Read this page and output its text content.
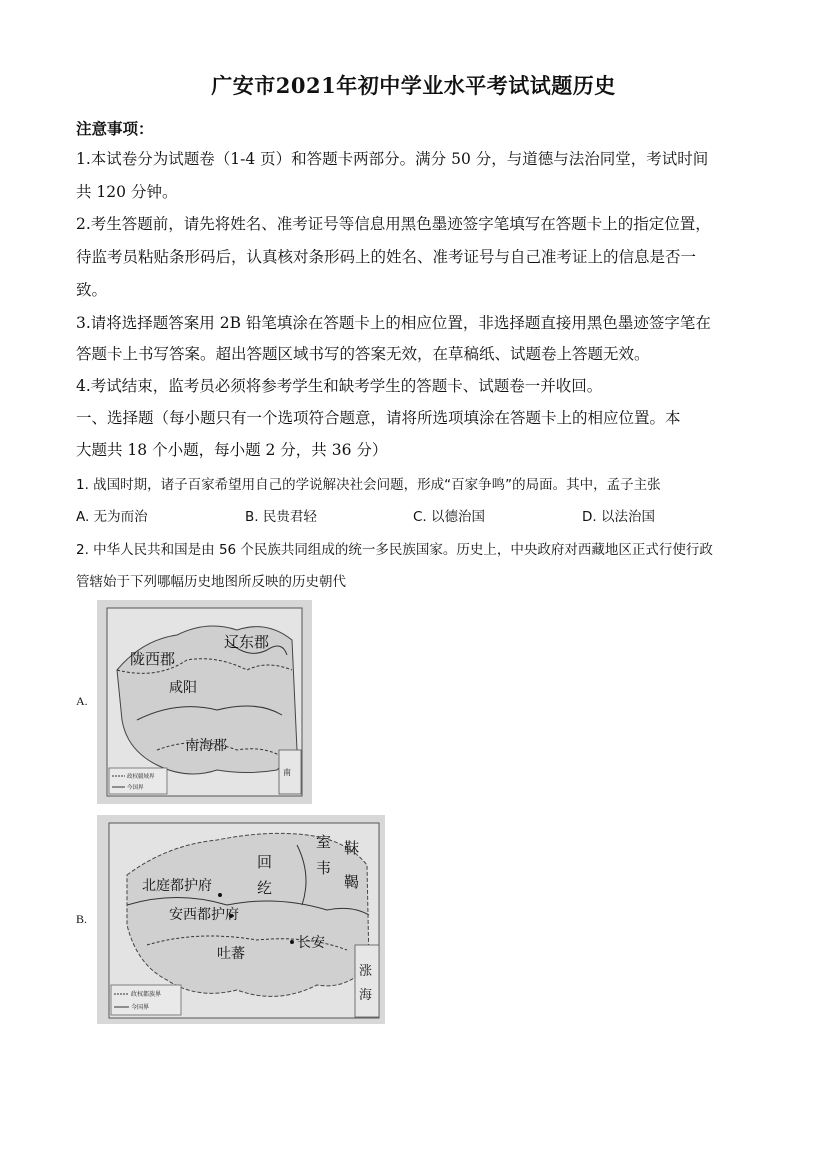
广安市2021年初中学业水平考试试题历史
注意事项：
1.本试卷分为试题卷（1-4 页）和答题卡两部分。满分 50 分，与道德与法治同堂，考试时间
共 120 分钟。
2.考生答题前，请先将姓名、准考证号等信息用黑色墨迹签字笔填写在答题卡上的指定位置，
待监考员粘贴条形码后，认真核对条形码上的姓名、准考证号与自己准考证上的信息是否一
致。
3.请将选择题答案用 2B 铅笔填涂在答题卡上的相应位置，非选择题直接用黑色墨迹签字笔在
答题卡上书写答案。超出答题区域书写的答案无效，在草稿纸、试题卷上答题无效。
4.考试结束，监考员必须将参考学生和缺考学生的答题卡、试题卷一并收回。
一、选择题（每小题只有一个选项符合题意，请将所选项填涂在答题卡上的相应位置。本
大题共 18 个小题，每小题 2 分，共 36 分）
1. 战国时期，诸子百家希望用自己的学说解决社会问题，形成“百家争鸣”的局面。其中，孟子主张
A. 无为而治	B. 民贵君轻	C. 以德治国	D. 以法治国
2. 中华人民共和国是由 56 个民族共同组成的统一多民族国家。历史上，中央政府对西藏地区正式行使行政
管辖始于下列哪幅历史地图所反映的历史朝代
A.
辽东郡
陇西郡
咸阳
南海郡
政权疆域界
今国界
南
B.
室
韦
靺
鞨
回
纥
北庭都护府
安西都护府
长安
吐蕃
政权都族界
今国界
涨
海
